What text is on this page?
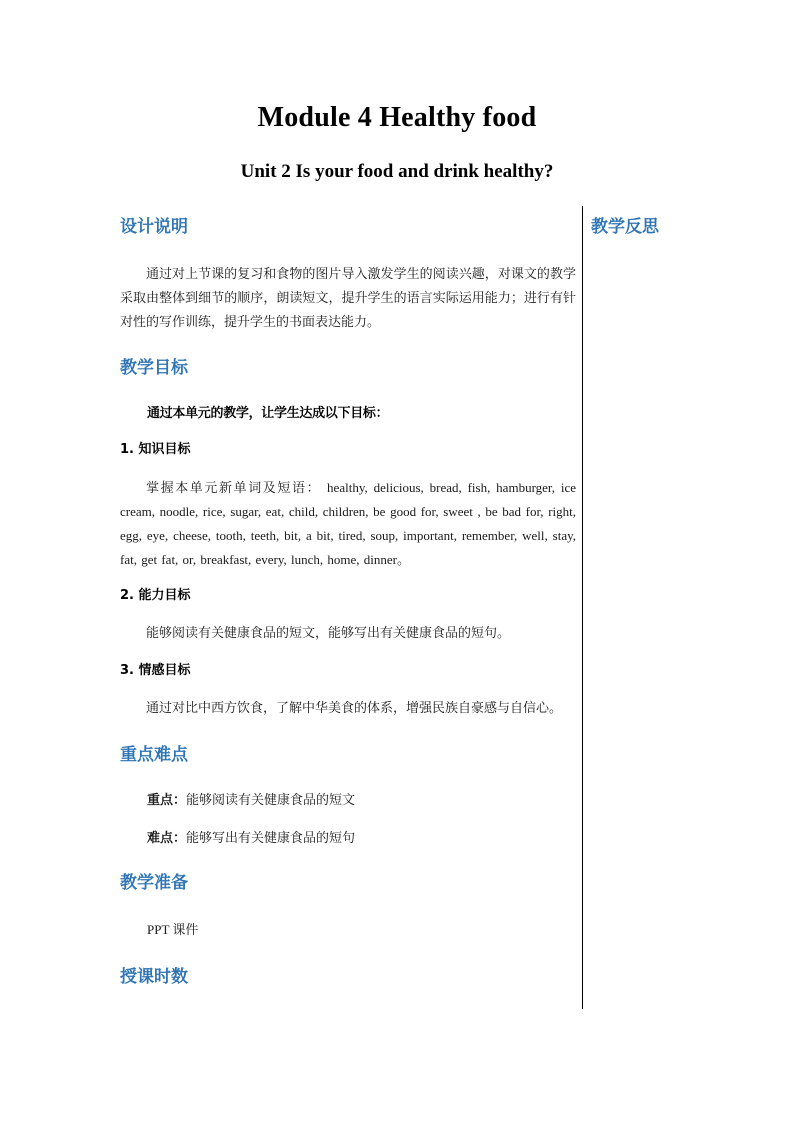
Module 4 Healthy food
Unit 2 Is your food and drink healthy?
教学反思
设计说明
通过对上节课的复习和食物的图片导入激发学生的阅读兴趣，对课文的教学采取由整体到细节的顺序，朗读短文，提升学生的语言实际运用能力；进行有针对性的写作训练，提升学生的书面表达能力。
教学目标
通过本单元的教学，让学生达成以下目标：
1. 知识目标
掌握本单元新单词及短语： healthy, delicious, bread, fish, hamburger, ice cream, noodle, rice, sugar, eat, child, children, be good for, sweet , be bad for, right, egg, eye, cheese, tooth, teeth, bit, a bit, tired, soup, important, remember, well, stay, fat, get fat, or, breakfast, every, lunch, home, dinner。
2. 能力目标
能够阅读有关健康食品的短文，能够写出有关健康食品的短句。
3. 情感目标
通过对比中西方饮食，了解中华美食的体系，增强民族自豪感与自信心。
重点难点
重点：能够阅读有关健康食品的短文
难点：能够写出有关健康食品的短句
教学准备
PPT 课件
授课时数
